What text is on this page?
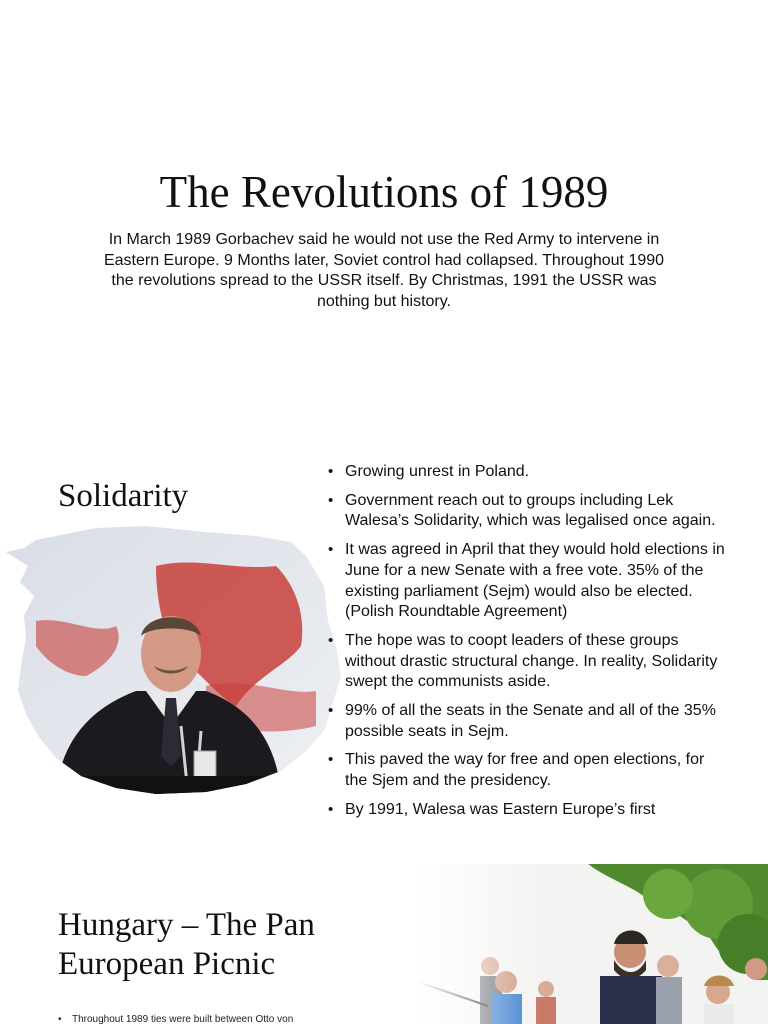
The Revolutions of 1989
In March 1989 Gorbachev said he would not use the Red Army to intervene in Eastern Europe. 9 Months later, Soviet control had collapsed. Throughout 1990 the revolutions spread to the USSR itself. By Christmas, 1991 the USSR was nothing but history.
Solidarity
• Growing unrest in Poland.
• Government reach out to groups including Lek Walesa’s Solidarity, which was legalised once again.
• It was agreed in April that they would hold elections in June for a new Senate with a free vote. 35% of the existing parliament (Sejm) would also be elected. (Polish Roundtable Agreement)
• The hope was to coopt leaders of these groups without drastic structural change. In reality, Solidarity swept the communists aside.
• 99% of all the seats in the Senate and all of the 35% possible seats in Sejm.
• This paved the way for free and open elections, for the Sjem and the presidency.
• By 1991, Walesa was Eastern Europe’s first
Hungary – The Pan European Picnic
• Throughout 1989 ties were built between Otto von
